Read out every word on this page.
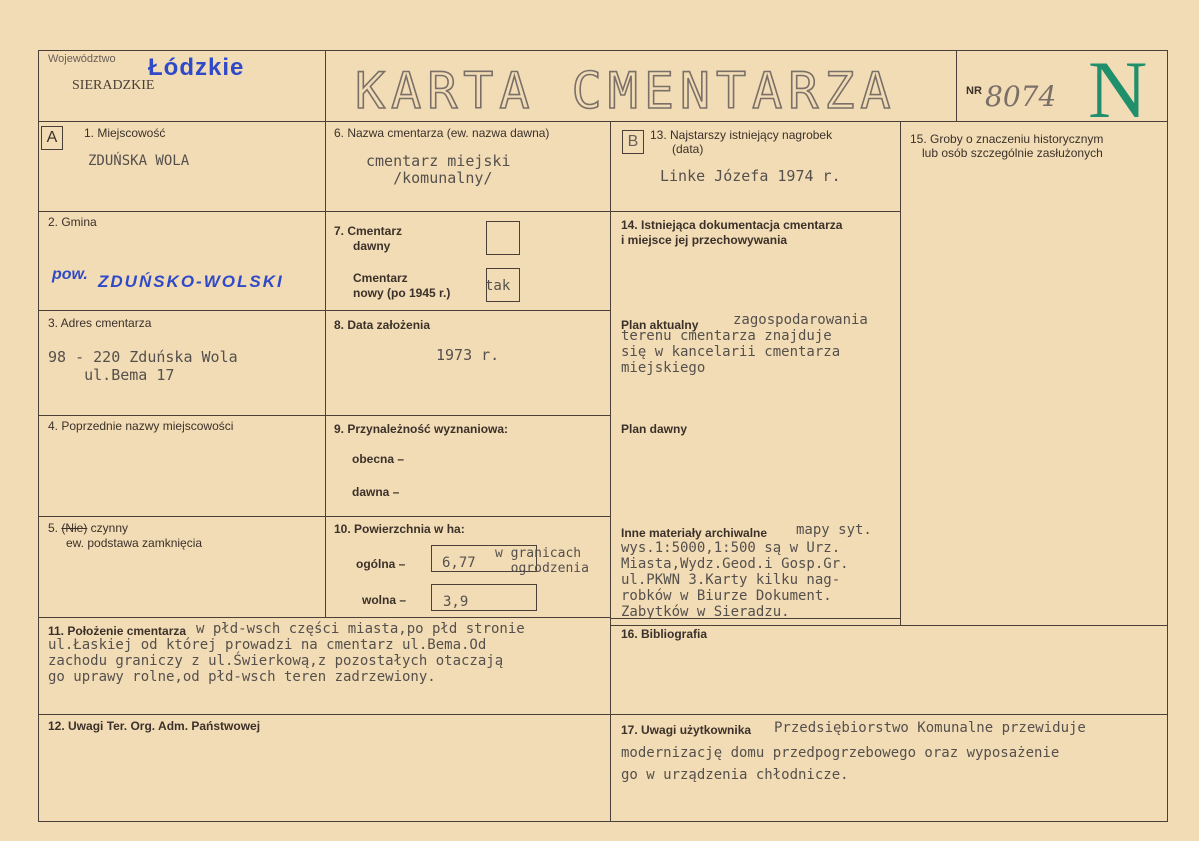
Województwo Łódzkie
SIERADZKIE	KARTA CMENTARZA	NR 8074 N
A	1. Miejscowość
ZDUŃSKA WOLA
2. Gmina
pow. ZDUŃSKO-WOLSKI
3. Adres cmentarza
98 - 220 Zduńska Wola
ul.Bema 17
4. Poprzednie nazwy miejscowości
5. (Nie) czynny
ew. podstawa zamknięcia
6. Nazwa cmentarza (ew. nazwa dawna)
cmentarz miejski
/komunalny/
7. Cmentarz
dawny
Cmentarz
nowy (po 1945 r.) tak
8. Data założenia
1973 r.
9. Przynależność wyznaniowa:
obecna –
dawna –
10. Powierzchnia w ha:
ogólna –	6,77
w granicach
ogrodzenia
wolna –	3,9
B 13. Najstarszy istniejący nagrobek
(data)
Linke Józefa 1974 r.
14. Istniejąca dokumentacja cmentarza
i miejsce jej przechowywania
Plan aktualny zagospodarowania
terenu cmentarza znajduje
się w kancelarii cmentarza
miejskiego
Plan dawny
Inne materiały archiwalne mapy syt.
wys.1:5000,1:500 są w Urz.
Miasta,Wydz.Geod.i Gosp.Gr.
ul.PKWN 3.Karty kilku nag-
robków w Biurze Dokument.
Zabytków w Sieradzu.
15. Groby o znaczeniu historycznym
lub osób szczególnie zasłużonych
11. Położenie cmentarza w płd-wsch części miasta,po płd stronie
ul.Łaskiej od której prowadzi na cmentarz ul.Bema.Od
zachodu graniczy z ul.Świerkową,z pozostałych otaczają
go uprawy rolne,od płd-wsch teren zadrzewiony.
16. Bibliografia
12. Uwagi Ter. Org. Adm. Państwowej	17. Uwagi użytkownika Przedsiębiorstwo Komunalne przewiduje
modernizację domu przedpogrzebowego oraz wyposażenie
go w urządzenia chłodnicze.
